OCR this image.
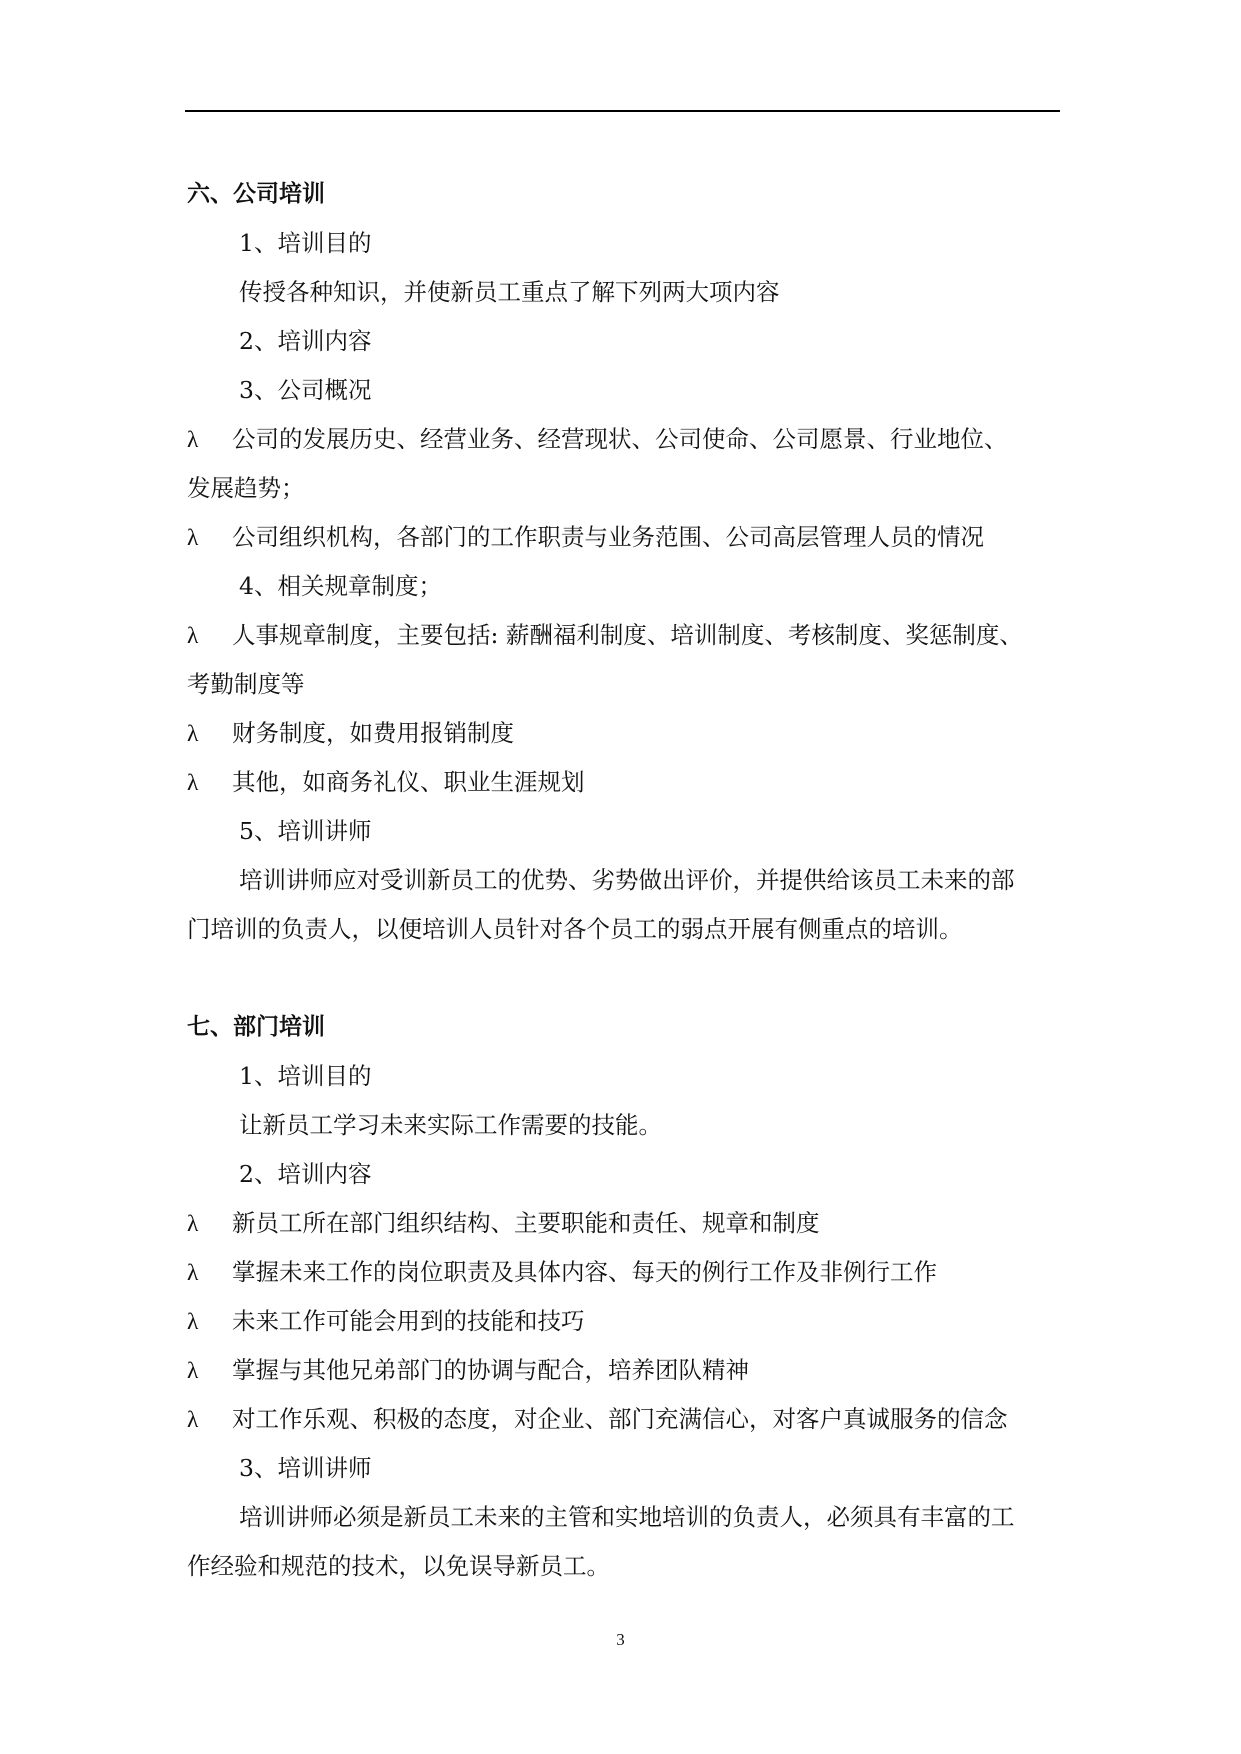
六、公司培训
1、培训目的
传授各种知识，并使新员工重点了解下列两大项内容
2、培训内容
3、公司概况
λ 公司的发展历史、经营业务、经营现状、公司使命、公司愿景、行业地位、
发展趋势；
λ 公司组织机构，各部门的工作职责与业务范围、公司高层管理人员的情况
4、相关规章制度；
λ 人事规章制度，主要包括: 薪酬福利制度、培训制度、考核制度、奖惩制度、
考勤制度等
λ 财务制度，如费用报销制度
λ 其他，如商务礼仪、职业生涯规划
5、培训讲师
培训讲师应对受训新员工的优势、劣势做出评价，并提供给该员工未来的部
门培训的负责人，以便培训人员针对各个员工的弱点开展有侧重点的培训。
七、部门培训
1、培训目的
让新员工学习未来实际工作需要的技能。
2、培训内容
λ 新员工所在部门组织结构、主要职能和责任、规章和制度
λ 掌握未来工作的岗位职责及具体内容、每天的例行工作及非例行工作
λ 未来工作可能会用到的技能和技巧
λ 掌握与其他兄弟部门的协调与配合，培养团队精神
λ 对工作乐观、积极的态度，对企业、部门充满信心，对客户真诚服务的信念
3、培训讲师
培训讲师必须是新员工未来的主管和实地培训的负责人，必须具有丰富的工
作经验和规范的技术，以免误导新员工。
3
